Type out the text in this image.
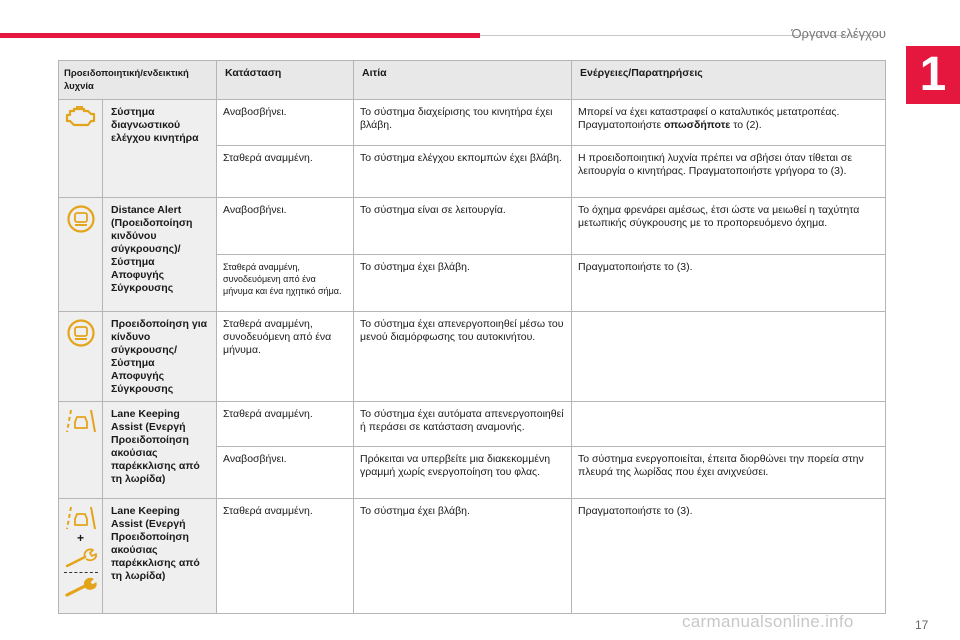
Όργανα ελέγχου
1
Προειδοποιητική/ενδεικτική λυχνία		Κατάσταση	Αιτία	Ενέργειες/Παρατηρήσεις

	Σύστημα διαγνωστικού ελέγχου κινητήρα	Αναβοσβήνει.	Το σύστημα διαχείρισης του κινητήρα έχει βλάβη.	Μπορεί να έχει καταστραφεί ο καταλυτικός μετατροπέας. Πραγματοποιήστε οπωσδήποτε το (2).
		Σταθερά αναμμένη.	Το σύστημα ελέγχου εκπομπών έχει βλάβη.	Η προειδοποιητική λυχνία πρέπει να σβήσει όταν τίθεται σε λειτουργία ο κινητήρας. Πραγματοποιήστε γρήγορα το (3).

	Distance Alert (Προειδοποίηση κινδύνου σύγκρουσης)/ Σύστημα Αποφυγής Σύγκρουσης	Αναβοσβήνει.	Το σύστημα είναι σε λειτουργία.	Το όχημα φρενάρει αμέσως, έτσι ώστε να μειωθεί η ταχύτητα μετωπικής σύγκρουσης με το προπορευόμενο όχημα.
		Σταθερά αναμμένη, συνοδευόμενη από ένα μήνυμα και ένα ηχητικό σήμα.	Το σύστημα έχει βλάβη.	Πραγματοποιήστε το (3).

	Προειδοποίηση για κίνδυνο σύγκρουσης/ Σύστημα Αποφυγής Σύγκρουσης	Σταθερά αναμμένη, συνοδευόμενη από ένα μήνυμα.	Το σύστημα έχει απενεργοποιηθεί μέσω του μενού διαμόρφωσης του αυτοκινήτου.	

	Lane Keeping Assist (Ενεργή Προειδοποίηση ακούσιας παρέκκλισης από τη λωρίδα)	Σταθερά αναμμένη.	Το σύστημα έχει αυτόματα απενεργοποιηθεί ή περάσει σε κατάσταση αναμονής.	
		Αναβοσβήνει.	Πρόκειται να υπερβείτε μια διακεκομμένη γραμμή χωρίς ενεργοποίηση του φλας.	Το σύστημα ενεργοποιείται, έπειτα διορθώνει την πορεία στην πλευρά της λωρίδας που έχει ανιχνεύσει.

+	Lane Keeping Assist (Ενεργή Προειδοποίηση ακούσιας παρέκκλισης από τη λωρίδα)	Σταθερά αναμμένη.	Το σύστημα έχει βλάβη.	Πραγματοποιήστε το (3).
carmanualsonline.info	17
